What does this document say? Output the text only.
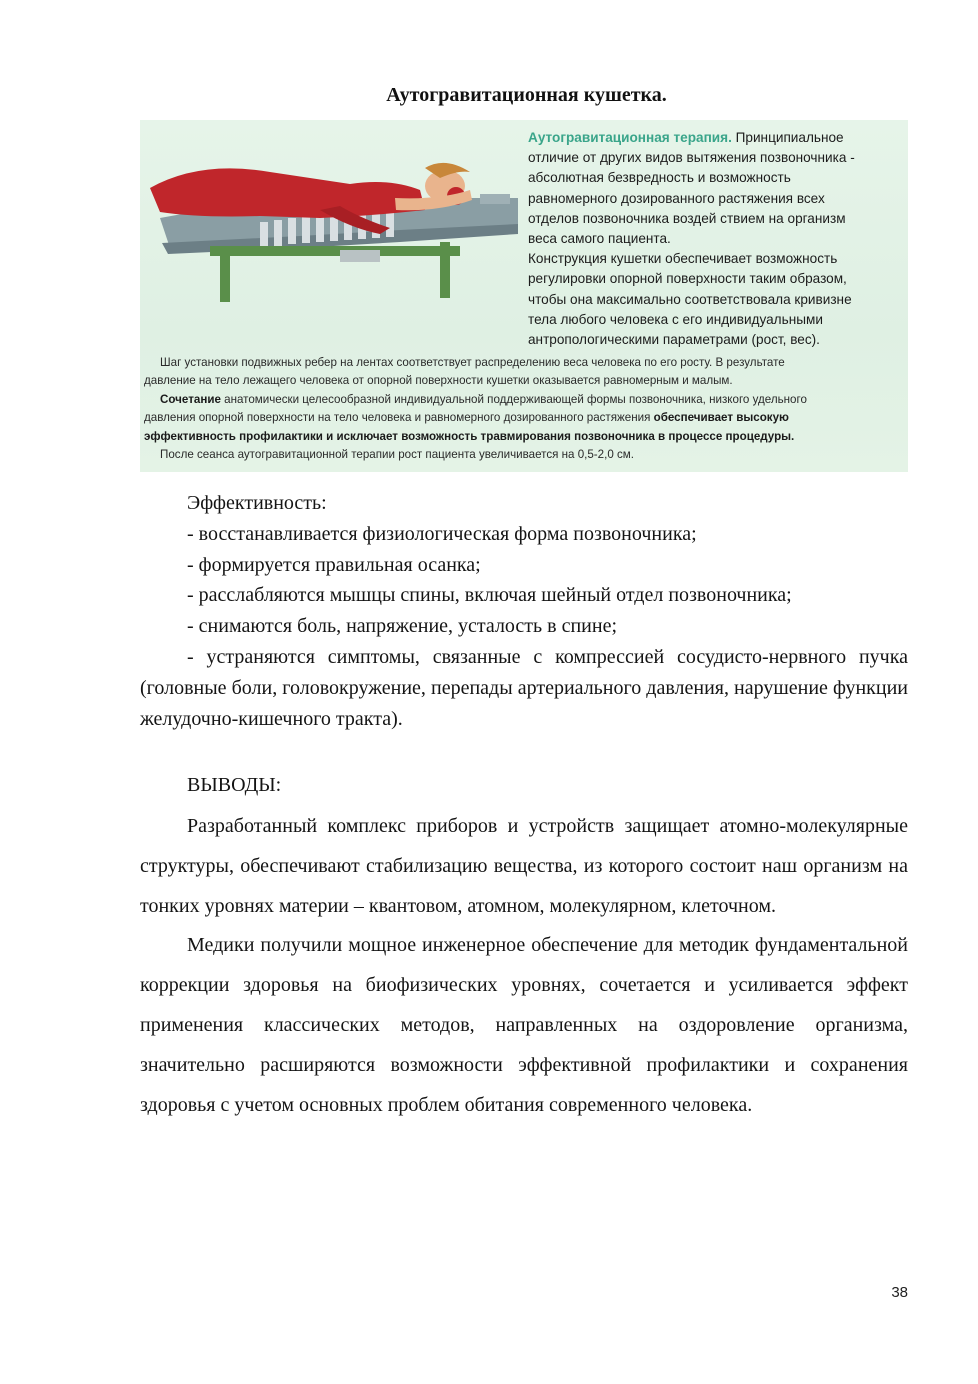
Аутогравитационная кушетка.
Аутогравитационная терапия. Принципиальное
отличие от других видов вытяжения позвоночника -
абсолютная безвредность и возможность
равномерного дозированного растяжения всех
отделов позвоночника воздей ствием на организм
веса самого пациента.
Конструкция кушетки обеспечивает возможность
регулировки опорной поверхности таким образом,
чтобы она максимально соответствовала кривизне
тела любого человека с его индивидуальными
антропологическими параметрами (рост, вес).

Шаг установки подвижных ребер на лентах соответствует распределению веса человека по его росту. В результате

давление на тело лежащего человека от опорной поверхности кушетки оказывается равномерным и малым.

Сочетание анатомически целесообразной индивидуальной поддерживающей формы позвоночника, низкого удельного

давления опорной поверхности на тело человека и равномерного дозированного растяжения обеспечивает высокую

эффективность профилактики и исключает возможность травмирования позвоночника в процессе процедуры.

После сеанса аутогравитационной терапии рост пациента увеличивается на 0,5-2,0 см.

Эффективность:

- восстанавливается физиологическая форма позвоночника;

- формируется правильная осанка;

- расслабляются мышцы спины, включая шейный отдел позвоночника;

- снимаются боль, напряжение, усталость в спине;

- устраняются симптомы, связанные с компрессией сосудисто-нервного пучка (головные боли, головокружение, перепады артериального давления, нарушение функции желудочно-кишечного тракта).

ВЫВОДЫ:

Разработанный комплекс приборов и устройств защищает атомно-молекулярные структуры, обеспечивают стабилизацию вещества, из которого состоит наш организм на тонких уровнях материи – квантовом, атомном, молекулярном, клеточном.

Медики получили мощное инженерное обеспечение для методик фундаментальной коррекции здоровья на биофизических уровнях, сочетается и усиливается эффект применения классических методов, направленных на оздоровление организма, значительно расширяются возможности эффективной профилактики и сохранения здоровья с учетом основных проблем обитания современного человека.

38
